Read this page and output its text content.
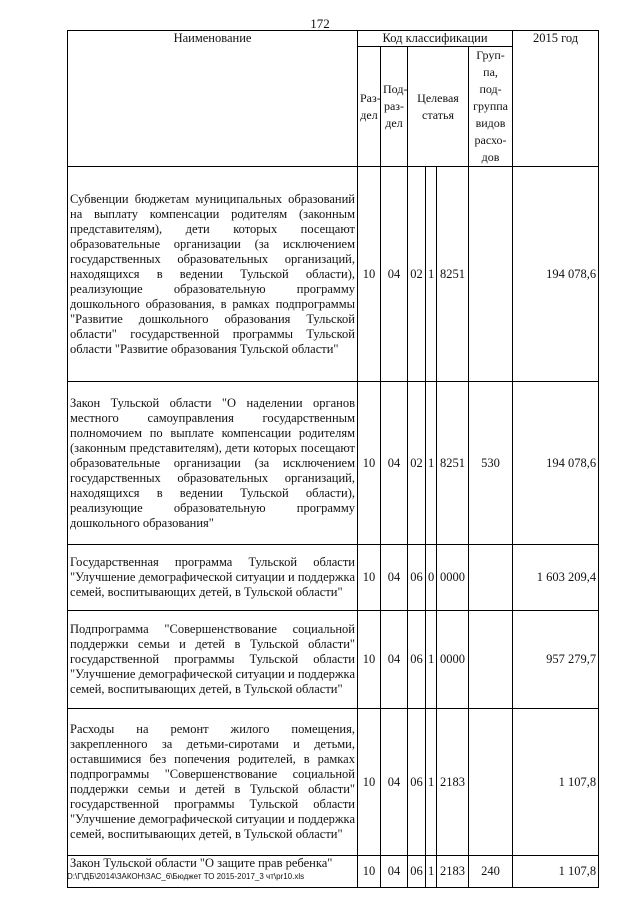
172
Наименование	Код классификации						2015 год
	Раз-дел	Под-раз-дел	Целевая статья			Груп-па, под-группа видов расхо-дов	
Субвенции бюджетам муниципальных образований на выплату компенсации родителям (законным представителям), дети которых посещают образовательные организации (за исключением государственных образовательных организаций, находящихся в ведении Тульской области), реализующие образовательную программу дошкольного образования, в рамках подпрограммы "Развитие дошкольного образования Тульской области" государственной программы Тульской области "Развитие образования Тульской области"	10	04	02	1	8251		194 078,6
Закон Тульской области "О наделении органов местного самоуправления государственным полномочием по выплате компенсации родителям (законным представителям), дети которых посещают образовательные организации (за исключением государственных образовательных организаций, находящихся в ведении Тульской области), реализующие образовательную программу дошкольного образования"	10	04	02	1	8251	530	194 078,6
Государственная программа Тульской области "Улучшение демографической ситуации и поддержка семей, воспитывающих детей, в Тульской области"	10	04	06	0	0000		1 603 209,4
Подпрограмма "Совершенствование социальной поддержки семьи и детей в Тульской области" государственной программы Тульской области "Улучшение демографической ситуации и поддержка семей, воспитывающих детей, в Тульской области"	10	04	06	1	0000		957 279,7
Расходы на ремонт жилого помещения, закрепленного за детьми-сиротами и детьми, оставшимися без попечения родителей, в рамках подпрограммы "Совершенствование социальной поддержки семьи и детей в Тульской области" государственной программы Тульской области "Улучшение демографической ситуации и поддержка семей, воспитывающих детей, в Тульской области"	10	04	06	1	2183		1 107,8
Закон Тульской области "О защите прав ребенка"	10	04	06	1	2183	240	1 107,8
D:\Г\ДБ\2014\ЗАКОН\ЗАС_6\Бюджет ТО 2015-2017_3 чт\pr10.xls
